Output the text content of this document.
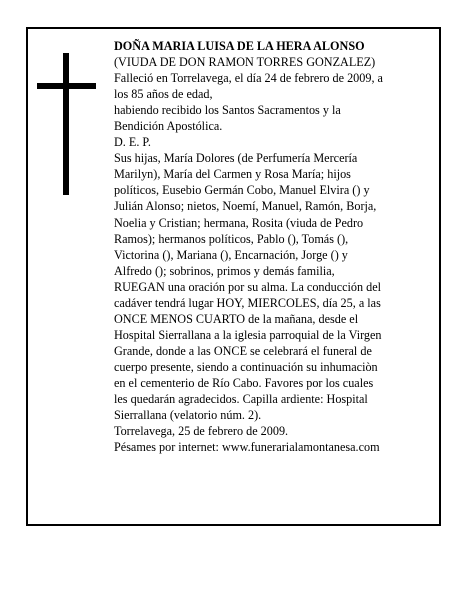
DOÑA MARIA LUISA DE LA HERA ALONSO
(VIUDA DE DON RAMON TORRES GONZALEZ)
Falleció en Torrelavega, el día 24 de febrero de 2009, a
los 85 años de edad,
habiendo recibido los Santos Sacramentos y la
Bendición Apostólica.
D. E. P.
Sus hijas, María Dolores (de Perfumería Mercería
Marilyn), María del Carmen y Rosa María; hijos
políticos, Eusebio Germán Cobo, Manuel Elvira () y
Julián Alonso; nietos, Noemí, Manuel, Ramón, Borja,
Noelia y Cristian; hermana, Rosita (viuda de Pedro
Ramos); hermanos políticos, Pablo (), Tomás (),
Victorina (), Mariana (), Encarnación, Jorge () y
Alfredo (); sobrinos, primos y demás familia,
RUEGAN una oración por su alma. La conducción del
cadáver tendrá lugar HOY, MIERCOLES, día 25, a las
ONCE MENOS CUARTO de la mañana, desde el
Hospital Sierrallana a la iglesia parroquial de la Virgen
Grande, donde a las ONCE se celebrará el funeral de
cuerpo presente, siendo a continuación su inhumaciòn
en el cementerio de Río Cabo. Favores por los cuales
les quedarán agradecidos. Capilla ardiente: Hospital
Sierrallana (velatorio núm. 2).
Torrelavega, 25 de febrero de 2009.
Pésames por internet: www.funerarialamontanesa.com
